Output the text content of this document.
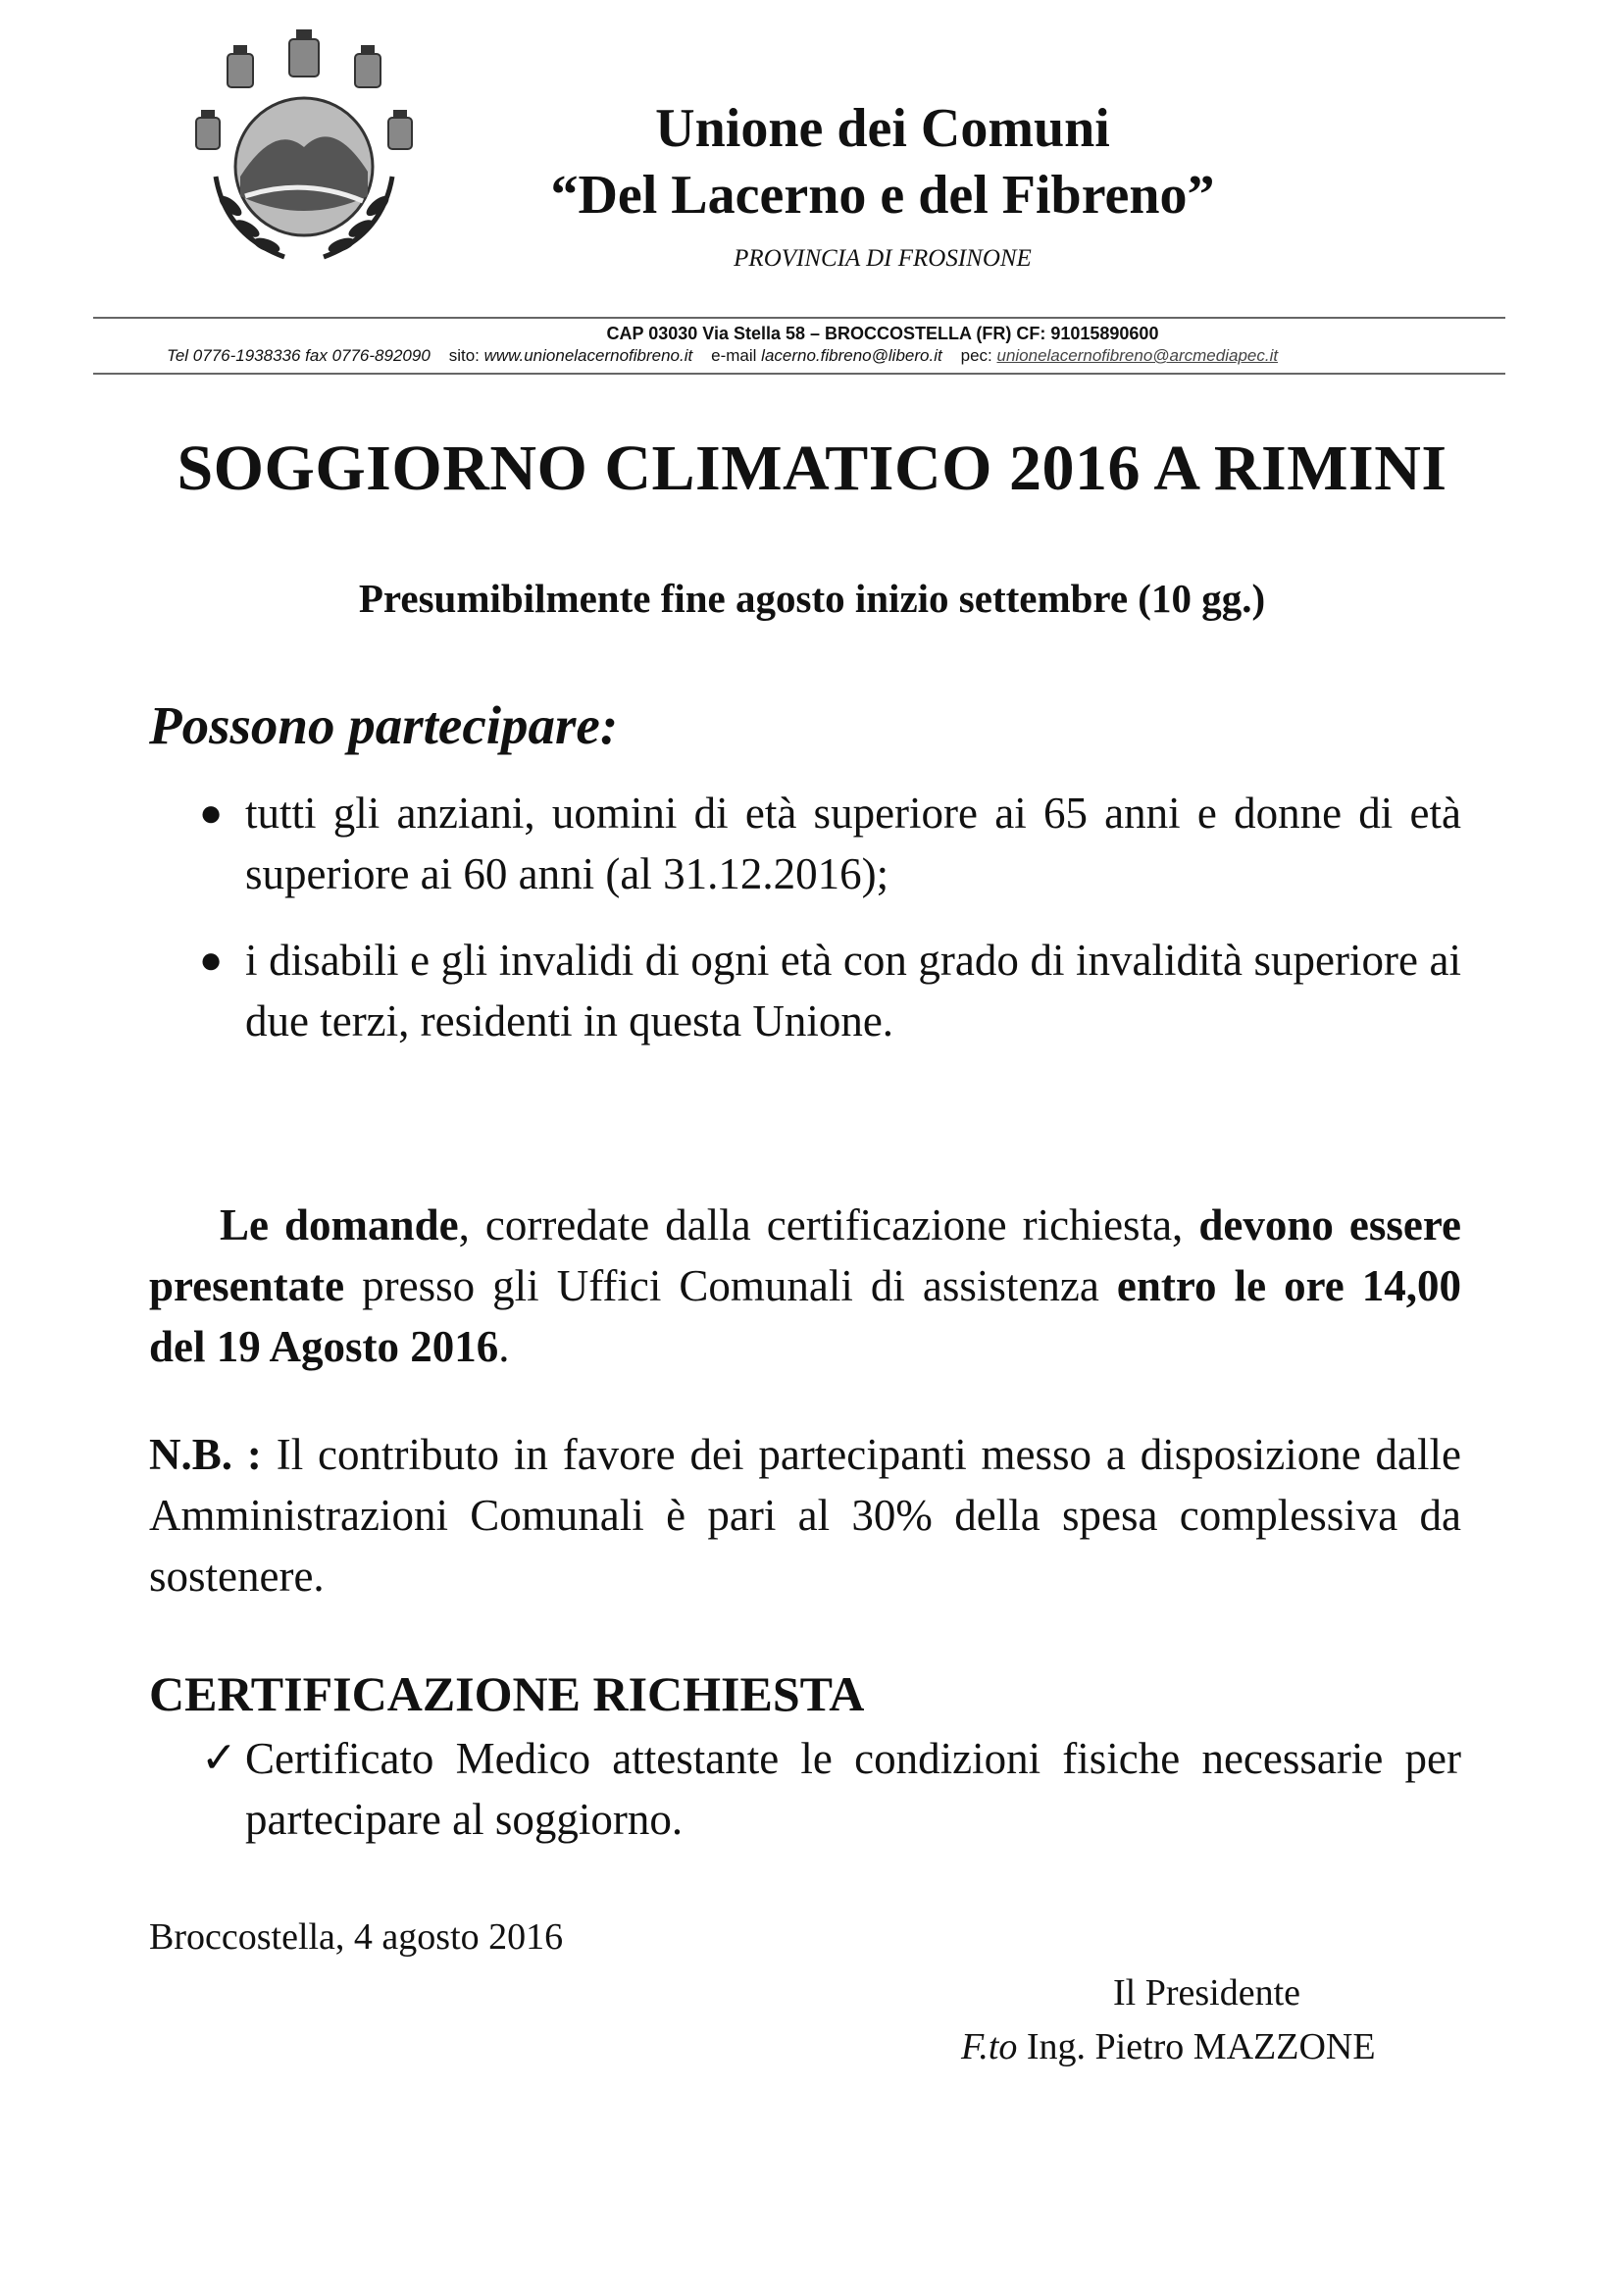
Unione dei Comuni
“Del Lacerno e del Fibreno”
PROVINCIA DI FROSINONE
CAP 03030 Via Stella 58 – BROCCOSTELLA (FR) CF: 91015890600
Tel 0776-1938336 fax 0776-892090 sito: www.unionelacernofibreno.it e-mail lacerno.fibreno@libero.it pec: unionelacernofibreno@arcmediapec.it
SOGGIORNO CLIMATICO 2016 A RIMINI
Presumibilmente fine agosto inizio settembre (10 gg.)
Possono partecipare:
● tutti gli anziani, uomini di età superiore ai 65 anni e donne di età superiore ai 60 anni (al 31.12.2016);
● i disabili e gli invalidi di ogni età con grado di invalidità superiore ai due terzi, residenti in questa Unione.
Le domande, corredate dalla certificazione richiesta, devono essere presentate presso gli Uffici Comunali di assistenza entro le ore 14,00 del 19 Agosto 2016.
N.B. : Il contributo in favore dei partecipanti messo a disposizione dalle Amministrazioni Comunali è pari al 30% della spesa complessiva da sostenere.
CERTIFICAZIONE RICHIESTA
✓ Certificato Medico attestante le condizioni fisiche necessarie per partecipare al soggiorno.
Broccostella, 4 agosto 2016
Il Presidente
F.to Ing. Pietro MAZZONE
